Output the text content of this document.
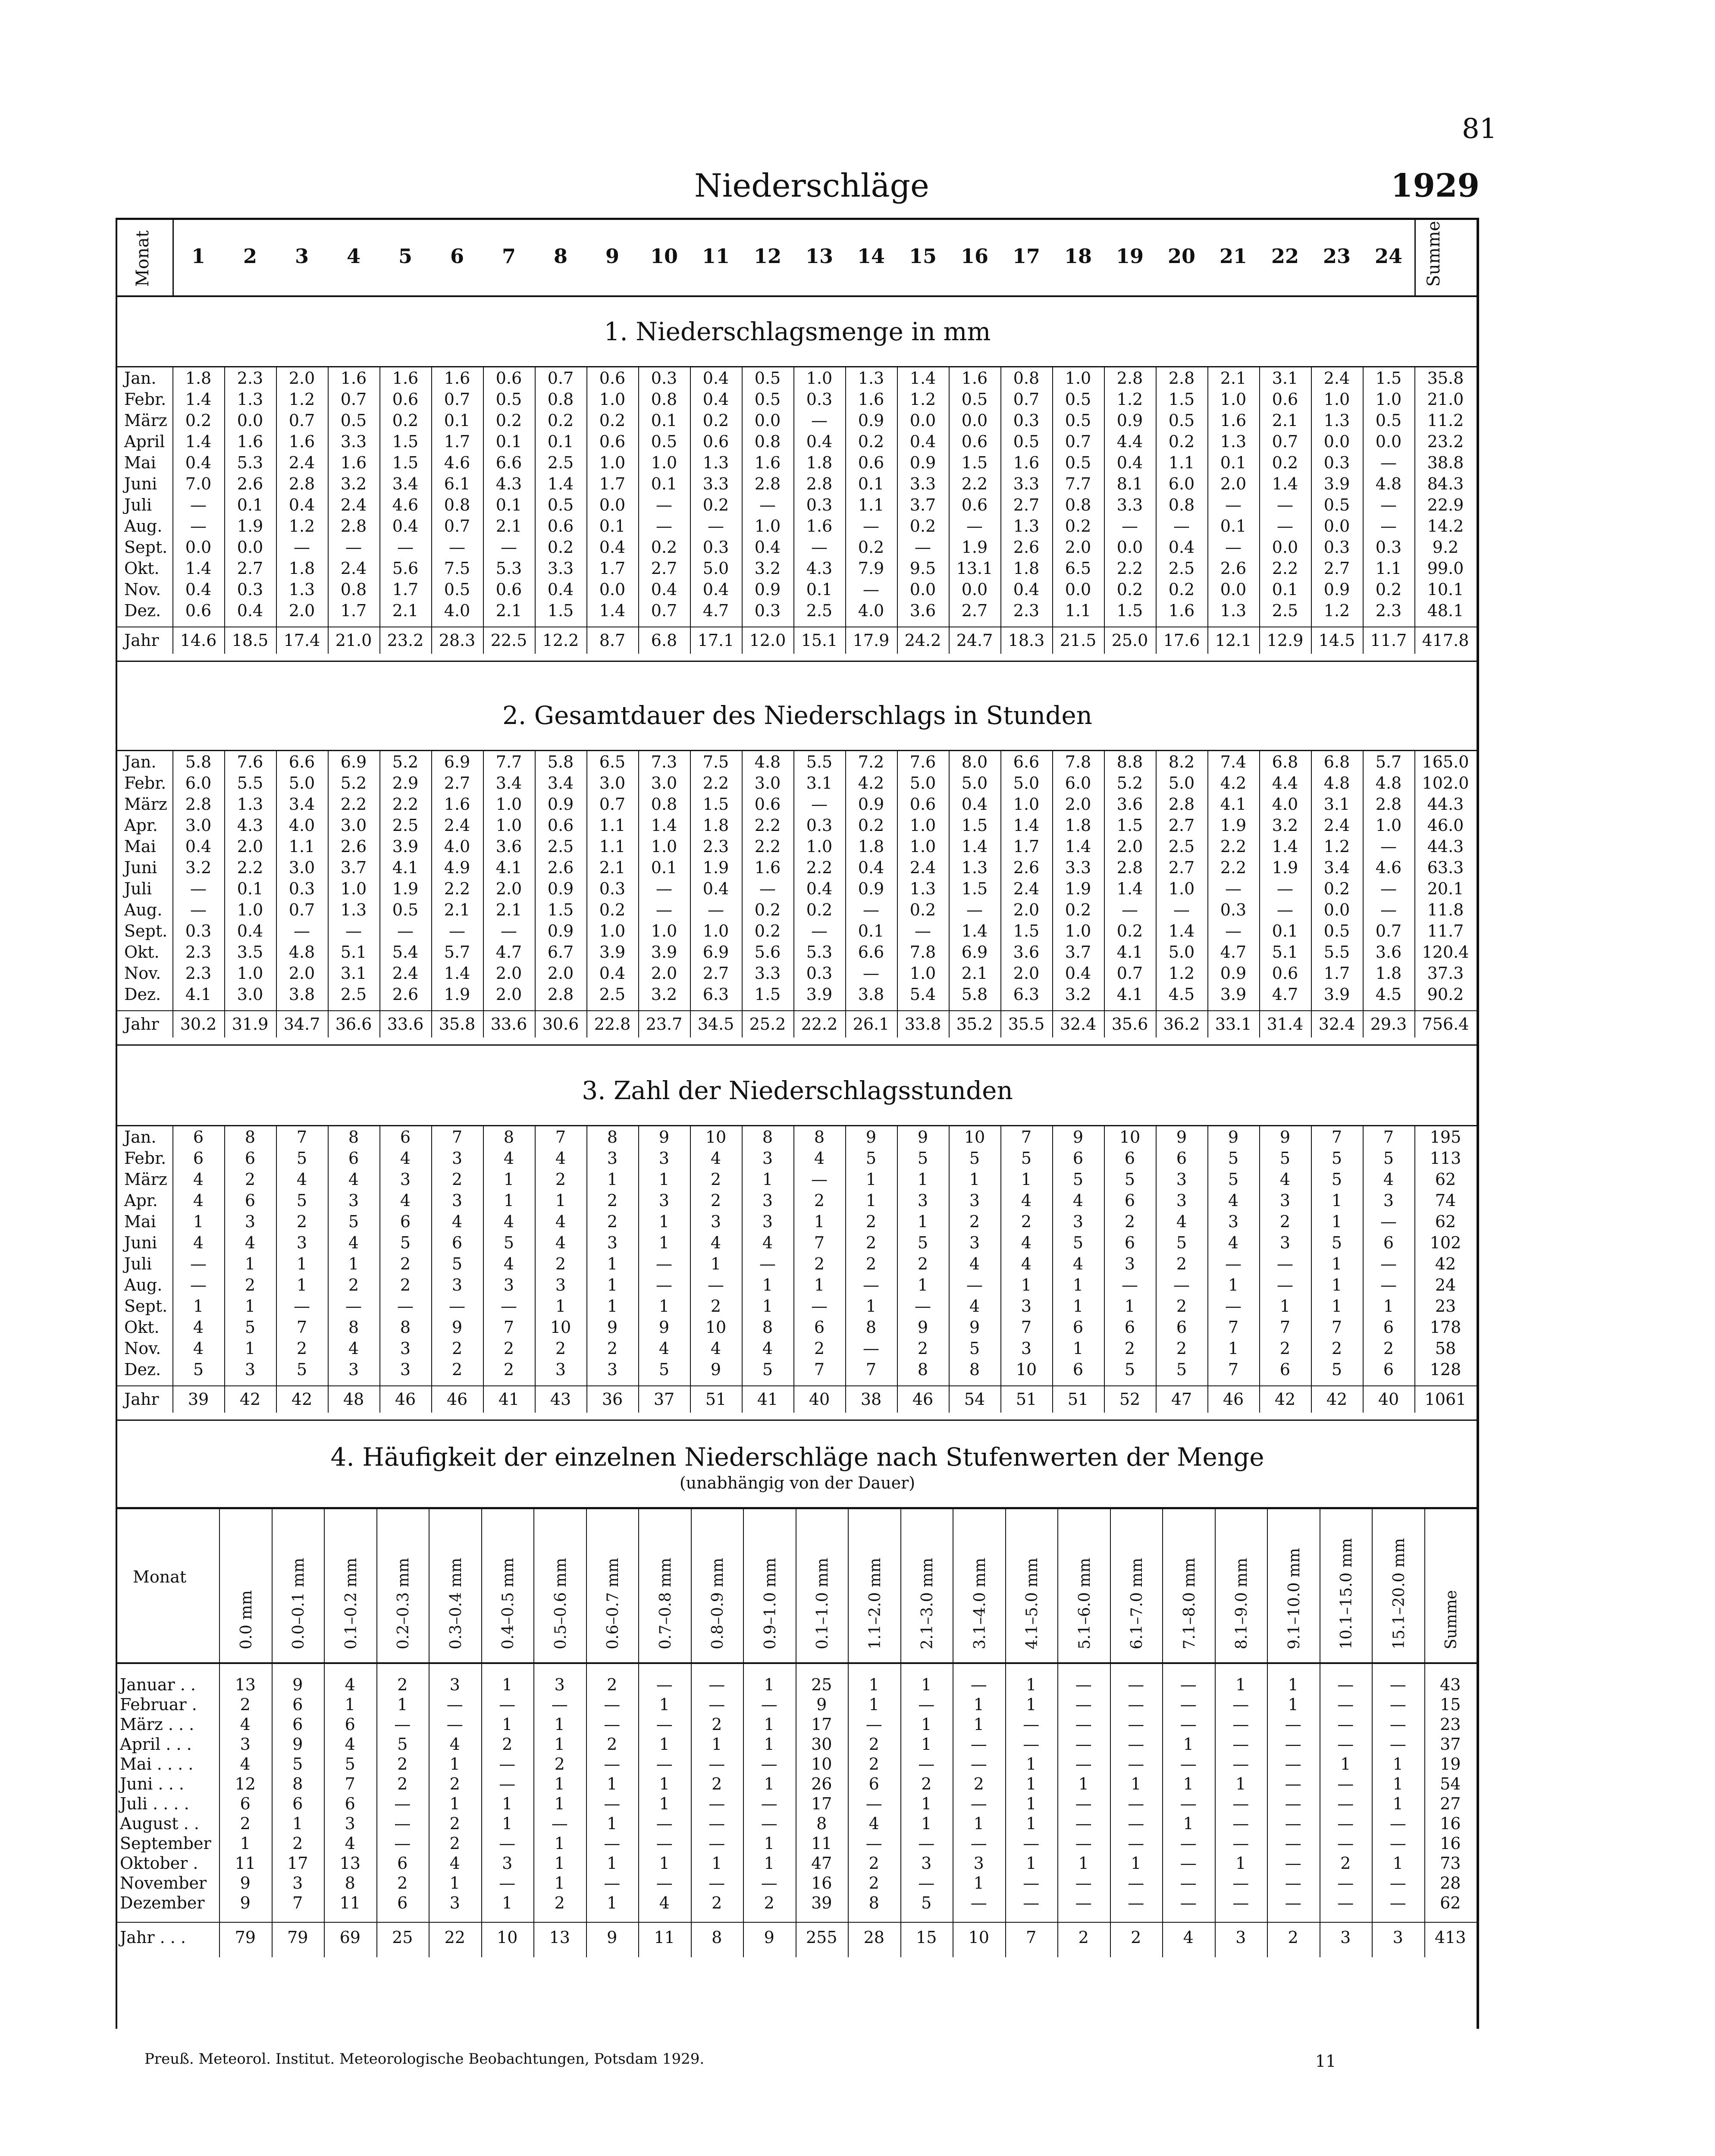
81
Niederschläge	1929
Monat	Summe
1	2	3	4	5	6	7	8	9	10	11	12	13	14	15	16	17	18	19	20	21	22	23	24
1. Niederschlagsmenge in mm
Jan.	1.8	2.3	2.0	1.6	1.6	1.6	0.6	0.7	0.6	0.3	0.4	0.5	1.0	1.3	1.4	1.6	0.8	1.0	2.8	2.8	2.1	3.1	2.4	1.5	35.8
Febr.	1.4	1.3	1.2	0.7	0.6	0.7	0.5	0.8	1.0	0.8	0.4	0.5	0.3	1.6	1.2	0.5	0.7	0.5	1.2	1.5	1.0	0.6	1.0	1.0	21.0
März	0.2	0.0	0.7	0.5	0.2	0.1	0.2	0.2	0.2	0.1	0.2	0.0	—	0.9	0.0	0.0	0.3	0.5	0.9	0.5	1.6	2.1	1.3	0.5	11.2
April	1.4	1.6	1.6	3.3	1.5	1.7	0.1	0.1	0.6	0.5	0.6	0.8	0.4	0.2	0.4	0.6	0.5	0.7	4.4	0.2	1.3	0.7	0.0	0.0	23.2
Mai	0.4	5.3	2.4	1.6	1.5	4.6	6.6	2.5	1.0	1.0	1.3	1.6	1.8	0.6	0.9	1.5	1.6	0.5	0.4	1.1	0.1	0.2	0.3	—	38.8
Juni	7.0	2.6	2.8	3.2	3.4	6.1	4.3	1.4	1.7	0.1	3.3	2.8	2.8	0.1	3.3	2.2	3.3	7.7	8.1	6.0	2.0	1.4	3.9	4.8	84.3
Juli	—	0.1	0.4	2.4	4.6	0.8	0.1	0.5	0.0	—	0.2	—	0.3	1.1	3.7	0.6	2.7	0.8	3.3	0.8	—	—	0.5	—	22.9
Aug.	—	1.9	1.2	2.8	0.4	0.7	2.1	0.6	0.1	—	—	1.0	1.6	—	0.2	—	1.3	0.2	—	—	0.1	—	0.0	—	14.2
Sept.	0.0	0.0	—	—	—	—	—	0.2	0.4	0.2	0.3	0.4	—	0.2	—	1.9	2.6	2.0	0.0	0.4	—	0.0	0.3	0.3	9.2
Okt.	1.4	2.7	1.8	2.4	5.6	7.5	5.3	3.3	1.7	2.7	5.0	3.2	4.3	7.9	9.5	13.1	1.8	6.5	2.2	2.5	2.6	2.2	2.7	1.1	99.0
Nov.	0.4	0.3	1.3	0.8	1.7	0.5	0.6	0.4	0.0	0.4	0.4	0.9	0.1	—	0.0	0.0	0.4	0.0	0.2	0.2	0.0	0.1	0.9	0.2	10.1
Dez.	0.6	0.4	2.0	1.7	2.1	4.0	2.1	1.5	1.4	0.7	4.7	0.3	2.5	4.0	3.6	2.7	2.3	1.1	1.5	1.6	1.3	2.5	1.2	2.3	48.1
Jahr	14.6 18.5 17.4 21.0 23.2 28.3 22.5 12.2	8.7	6.8	17.1 12.0 15.1 17.9 24.2 24.7 18.3 21.5 25.0 17.6 12.1 12.9 14.5 11.7 417.8
2. Gesamtdauer des Niederschlags in Stunden
Jan.	5.8	7.6	6.6	6.9	5.2	6.9	7.7	5.8	6.5	7.3	7.5	4.8	5.5	7.2	7.6	8.0	6.6	7.8	8.8	8.2	7.4	6.8	6.8	5.7	165.0
Febr.	6.0	5.5	5.0	5.2	2.9	2.7	3.4	3.4	3.0	3.0	2.2	3.0	3.1	4.2	5.0	5.0	5.0	6.0	5.2	5.0	4.2	4.4	4.8	4.8	102.0
März	2.8	1.3	3.4	2.2	2.2	1.6	1.0	0.9	0.7	0.8	1.5	0.6	—	0.9	0.6	0.4	1.0	2.0	3.6	2.8	4.1	4.0	3.1	2.8	44.3
Apr.	3.0	4.3	4.0	3.0	2.5	2.4	1.0	0.6	1.1	1.4	1.8	2.2	0.3	0.2	1.0	1.5	1.4	1.8	1.5	2.7	1.9	3.2	2.4	1.0	46.0
Mai	0.4	2.0	1.1	2.6	3.9	4.0	3.6	2.5	1.1	1.0	2.3	2.2	1.0	1.8	1.0	1.4	1.7	1.4	2.0	2.5	2.2	1.4	1.2	—	44.3
Juni	3.2	2.2	3.0	3.7	4.1	4.9	4.1	2.6	2.1	0.1	1.9	1.6	2.2	0.4	2.4	1.3	2.6	3.3	2.8	2.7	2.2	1.9	3.4	4.6	63.3
Juli	—	0.1	0.3	1.0	1.9	2.2	2.0	0.9	0.3	—	0.4	—	0.4	0.9	1.3	1.5	2.4	1.9	1.4	1.0	—	—	0.2	—	20.1
Aug.	—	1.0	0.7	1.3	0.5	2.1	2.1	1.5	0.2	—	—	0.2	0.2	—	0.2	—	2.0	0.2	—	—	0.3	—	0.0	—	11.8
Sept.	0.3	0.4	—	—	—	—	—	0.9	1.0	1.0	1.0	0.2	—	0.1	—	1.4	1.5	1.0	0.2	1.4	—	0.1	0.5	0.7	11.7
Okt.	2.3	3.5	4.8	5.1	5.4	5.7	4.7	6.7	3.9	3.9	6.9	5.6	5.3	6.6	7.8	6.9	3.6	3.7	4.1	5.0	4.7	5.1	5.5	3.6	120.4
Nov.	2.3	1.0	2.0	3.1	2.4	1.4	2.0	2.0	0.4	2.0	2.7	3.3	0.3	—	1.0	2.1	2.0	0.4	0.7	1.2	0.9	0.6	1.7	1.8	37.3
Dez.	4.1	3.0	3.8	2.5	2.6	1.9	2.0	2.8	2.5	3.2	6.3	1.5	3.9	3.8	5.4	5.8	6.3	3.2	4.1	4.5	3.9	4.7	3.9	4.5	90.2
Jahr	30.2 31.9 34.7 36.6 33.6 35.8 33.6 30.6 22.8 23.7 34.5 25.2 22.2 26.1 33.8 35.2 35.5 32.4 35.6 36.2 33.1 31.4 32.4 29.3 756.4
3. Zahl der Niederschlagsstunden
Jan.	6	8	7	8	6	7	8	7	8	9	10	8	8	9	9	10	7	9	10	9	9	9	7	7	195
Febr.	6	6	5	6	4	3	4	4	3	3	4	3	4	5	5	5	5	6	6	6	5	5	5	5	113
März	4	2	4	4	3	2	1	2	1	1	2	1	—	1	1	1	1	5	5	3	5	4	5	4	62
Apr.	4	6	5	3	4	3	1	1	2	3	2	3	2	1	3	3	4	4	6	3	4	3	1	3	74
Mai	1	3	2	5	6	4	4	4	2	1	3	3	1	2	1	2	2	3	2	4	3	2	1	—	62
Juni	4	4	3	4	5	6	5	4	3	1	4	4	7	2	5	3	4	5	6	5	4	3	5	6	102
Juli	—	1	1	1	2	5	4	2	1	—	1	—	2	2	2	4	4	4	3	2	—	—	1	—	42
Aug.	—	2	1	2	2	3	3	3	1	—	—	1	1	—	1	—	1	1	—	—	1	—	1	—	24
Sept.	1	1	—	—	—	—	—	1	1	1	2	1	—	1	—	4	3	1	1	2	—	1	1	1	23
Okt.	4	5	7	8	8	9	7	10	9	9	10	8	6	8	9	9	7	6	6	6	7	7	7	6	178
Nov.	4	1	2	4	3	2	2	2	2	4	4	4	2	—	2	5	3	1	2	2	1	2	2	2	58
Dez.	5	3	5	3	3	2	2	3	3	5	9	5	7	7	8	8	10	6	5	5	7	6	5	6	128
Jahr	39	42	42	48	46	46	41	43	36	37	51	41	40	38	46	54	51	51	52	47	46	42	42	40	1061
4. Häufigkeit der einzelnen Niederschläge nach Stufenwerten der Menge
(unabhängig von der Dauer)
Monat
0.0 mm 0.0–0.1 mm 0.1–0.2 mm 0.2–0.3 mm 0.3–0.4 mm 0.4–0.5 mm 0.5–0.6 mm 0.6–0.7 mm 0.7–0.8 mm 0.8–0.9 mm 0.9–1.0 mm 0.1–1.0 mm 1.1–2.0 mm 2.1–3.0 mm 3.1–4.0 mm 4.1–5.0 mm 5.1–6.0 mm 6.1–7.0 mm 7.1–8.0 mm 8.1–9.0 mm 9.1–10.0 mm 10.1–15.0 mm 15.1–20.0 mm Summe
Januar . .	13	9	4	2	3	1	3	2	—	—	1	25	1	1	—	1	—	—	—	1	1	—	—	43
Februar .	2	6	1	1	—	—	—	—	1	—	—	9	1	—	1	1	—	—	—	—	1	—	—	15
März . . .	4	6	6	—	—	1	1	—	—	2	1	17	—	1	1	—	—	—	—	—	—	—	—	23
April . . .	3	9	4	5	4	2	1	2	1	1	1	30	2	1	—	—	—	—	1	—	—	—	—	37
Mai . . . .	4	5	5	2	1	—	2	—	—	—	—	10	2	—	—	1	—	—	—	—	—	1	1	19
Juni . . .	12	8	7	2	2	—	1	1	1	2	1	26	6	2	2	1	1	1	1	1	—	—	1	54
Juli . . . .	6	6	6	—	1	1	1	—	1	—	—	17	—	1	—	1	—	—	—	—	—	—	1	27
August . .	2	1	3	—	2	1	—	1	—	—	—	8	4	1	1	1	—	—	1	—	—	—	—	16
September	1	2	4	—	2	—	1	—	—	—	1	11	—	—	—	—	—	—	—	—	—	—	—	16
Oktober .	11	17	13	6	4	3	1	1	1	1	1	47	2	3	3	1	1	1	—	1	—	2	1	73
November	9	3	8	2	1	—	1	—	—	—	—	16	2	—	1	—	—	—	—	—	—	—	—	28
Dezember	9	7	11	6	3	1	2	1	4	2	2	39	8	5	—	—	—	—	—	—	—	—	—	62
Jahr . . .	79	79	69	25	22	10	13	9	11	8	9	255	28	15	10	7	2	2	4	3	2	3	3	413
Preuß. Meteorol. Institut. Meteorologische Beobachtungen, Potsdam 1929.	11
